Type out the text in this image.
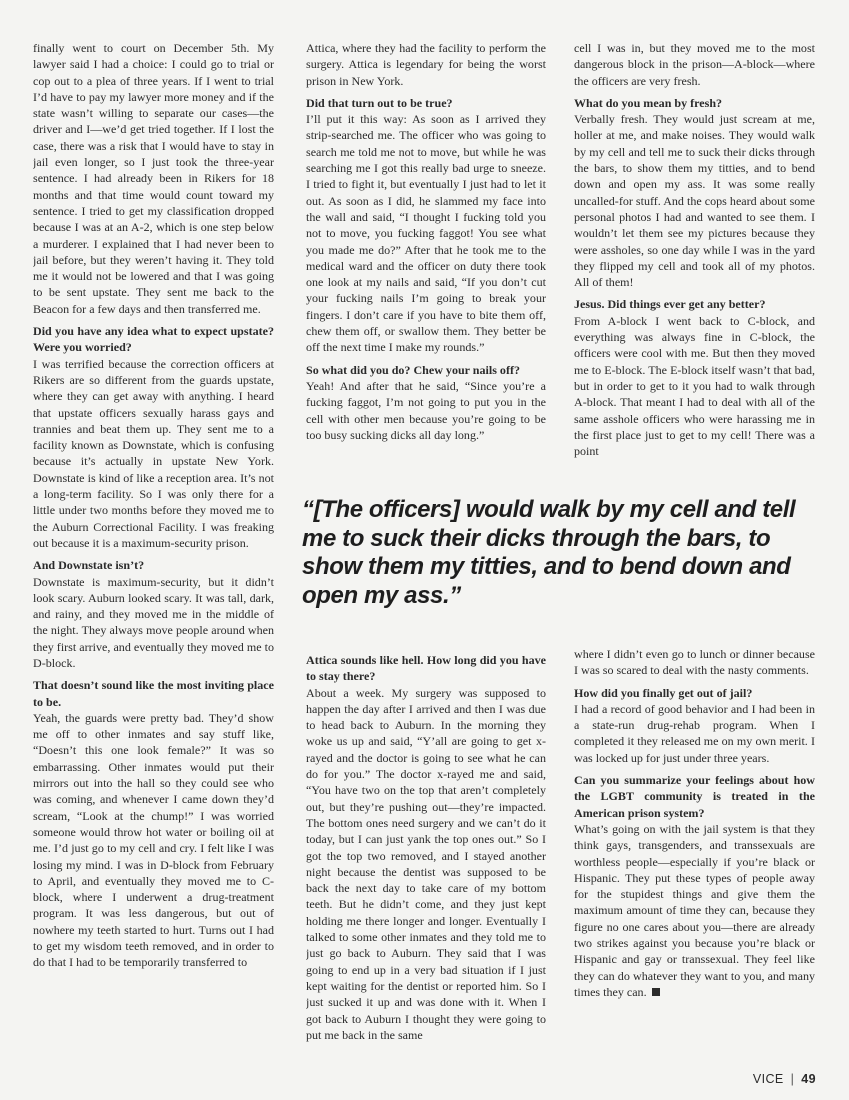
finally went to court on December 5th. My lawyer said I had a choice: I could go to trial or cop out to a plea of three years. If I went to trial I’d have to pay my lawyer more money and if the state wasn’t willing to separate our cases—the driver and I—we’d get tried together. If I lost the case, there was a risk that I would have to stay in jail even longer, so I just took the three-year sentence. I had already been in Rikers for 18 months and that time would count toward my sentence. I tried to get my classification dropped because I was at an A-2, which is one step below a murderer. I explained that I had never been to jail before, but they weren’t having it. They told me it would not be lowered and that I was going to be sent upstate. They sent me back to the Beacon for a few days and then transferred me.

Did you have any idea what to expect upstate? Were you worried?

I was terrified because the correction officers at Rikers are so different from the guards upstate, where they can get away with anything. I heard that upstate officers sexually harass gays and trannies and beat them up. They sent me to a facility known as Downstate, which is confusing because it’s actually in upstate New York. Downstate is kind of like a reception area. It’s not a long-term facility. So I was only there for a little under two months before they moved me to the Auburn Correctional Facility. I was freaking out because it is a maximum-security prison.

And Downstate isn’t?

Downstate is maximum-security, but it didn’t look scary. Auburn looked scary. It was tall, dark, and rainy, and they moved me in the middle of the night. They always move people around when they first arrive, and eventually they moved me to D-block.

That doesn’t sound like the most inviting place to be.

Yeah, the guards were pretty bad. They’d show me off to other inmates and say stuff like, “Doesn’t this one look female?” It was so embarrassing. Other inmates would put their mirrors out into the hall so they could see who was coming, and whenever I came down they’d scream, “Look at the chump!” I was worried someone would throw hot water or boiling oil at me. I’d just go to my cell and cry. I felt like I was losing my mind. I was in D-block from February to April, and eventually they moved me to C-block, where I underwent a drug-treatment program. It was less dangerous, but out of nowhere my teeth started to hurt. Turns out I had to get my wisdom teeth removed, and in order to do that I had to be temporarily transferred to

Attica, where they had the facility to perform the surgery. Attica is legendary for being the worst prison in New York.

Did that turn out to be true?

I’ll put it this way: As soon as I arrived they strip-searched me. The officer who was going to search me told me not to move, but while he was searching me I got this really bad urge to sneeze. I tried to fight it, but eventually I just had to let it out. As soon as I did, he slammed my face into the wall and said, “I thought I fucking told you not to move, you fucking faggot! You see what you made me do?” After that he took me to the medical ward and the officer on duty there took one look at my nails and said, “If you don’t cut your fucking nails I’m going to break your fingers. I don’t care if you have to bite them off, chew them off, or swallow them. They better be off the next time I make my rounds.”

So what did you do? Chew your nails off?

Yeah! And after that he said, “Since you’re a fucking faggot, I’m not going to put you in the cell with other men because you’re going to be too busy sucking dicks all day long.”

cell I was in, but they moved me to the most dangerous block in the prison—A-block—where the officers are very fresh.

What do you mean by fresh?

Verbally fresh. They would just scream at me, holler at me, and make noises. They would walk by my cell and tell me to suck their dicks through the bars, to show them my titties, and to bend down and open my ass. It was some really uncalled-for stuff. And the cops heard about some personal photos I had and wanted to see them. I wouldn’t let them see my pictures because they were assholes, so one day while I was in the yard they flipped my cell and took all of my photos. All of them!

Jesus. Did things ever get any better?

From A-block I went back to C-block, and everything was always fine in C-block, the officers were cool with me. But then they moved me to E-block. The E-block itself wasn’t that bad, but in order to get to it you had to walk through A-block. That meant I had to deal with all of the same asshole officers who were harassing me in the first place just to get to my cell! There was a point

“[The officers] would walk by my cell and tell me to suck their dicks through the bars, to show them my titties, and to bend down and open my ass.”

Attica sounds like hell. How long did you have to stay there?

About a week. My surgery was supposed to happen the day after I arrived and then I was due to head back to Auburn. In the morning they woke us up and said, “Y’all are going to get x-rayed and the doctor is going to see what he can do for you.” The doctor x-rayed me and said, “You have two on the top that aren’t completely out, but they’re pushing out—they’re impacted. The bottom ones need surgery and we can’t do it today, but I can just yank the top ones out.” So I got the top two removed, and I stayed another night because the dentist was supposed to be back the next day to take care of my bottom teeth. But he didn’t come, and they just kept holding me there longer and longer. Eventually I talked to some other inmates and they told me to just go back to Auburn. They said that I was going to end up in a very bad situation if I just kept waiting for the dentist or reported him. So I just sucked it up and was done with it. When I got back to Auburn I thought they were going to put me back in the same

where I didn’t even go to lunch or dinner because I was so scared to deal with the nasty comments.

How did you finally get out of jail?

I had a record of good behavior and I had been in a state-run drug-rehab program. When I completed it they released me on my own merit. I was locked up for just under three years.

Can you summarize your feelings about how the LGBT community is treated in the American prison system?

What’s going on with the jail system is that they think gays, transgenders, and transsexuals are worthless people—especially if you’re black or Hispanic. They put these types of people away for the stupidest things and give them the maximum amount of time they can, because they figure no one cares about you—there are already two strikes against you because you’re black or Hispanic and gay or transsexual. They feel like they can do whatever they want to you, and many times they can.

VICE | 49
